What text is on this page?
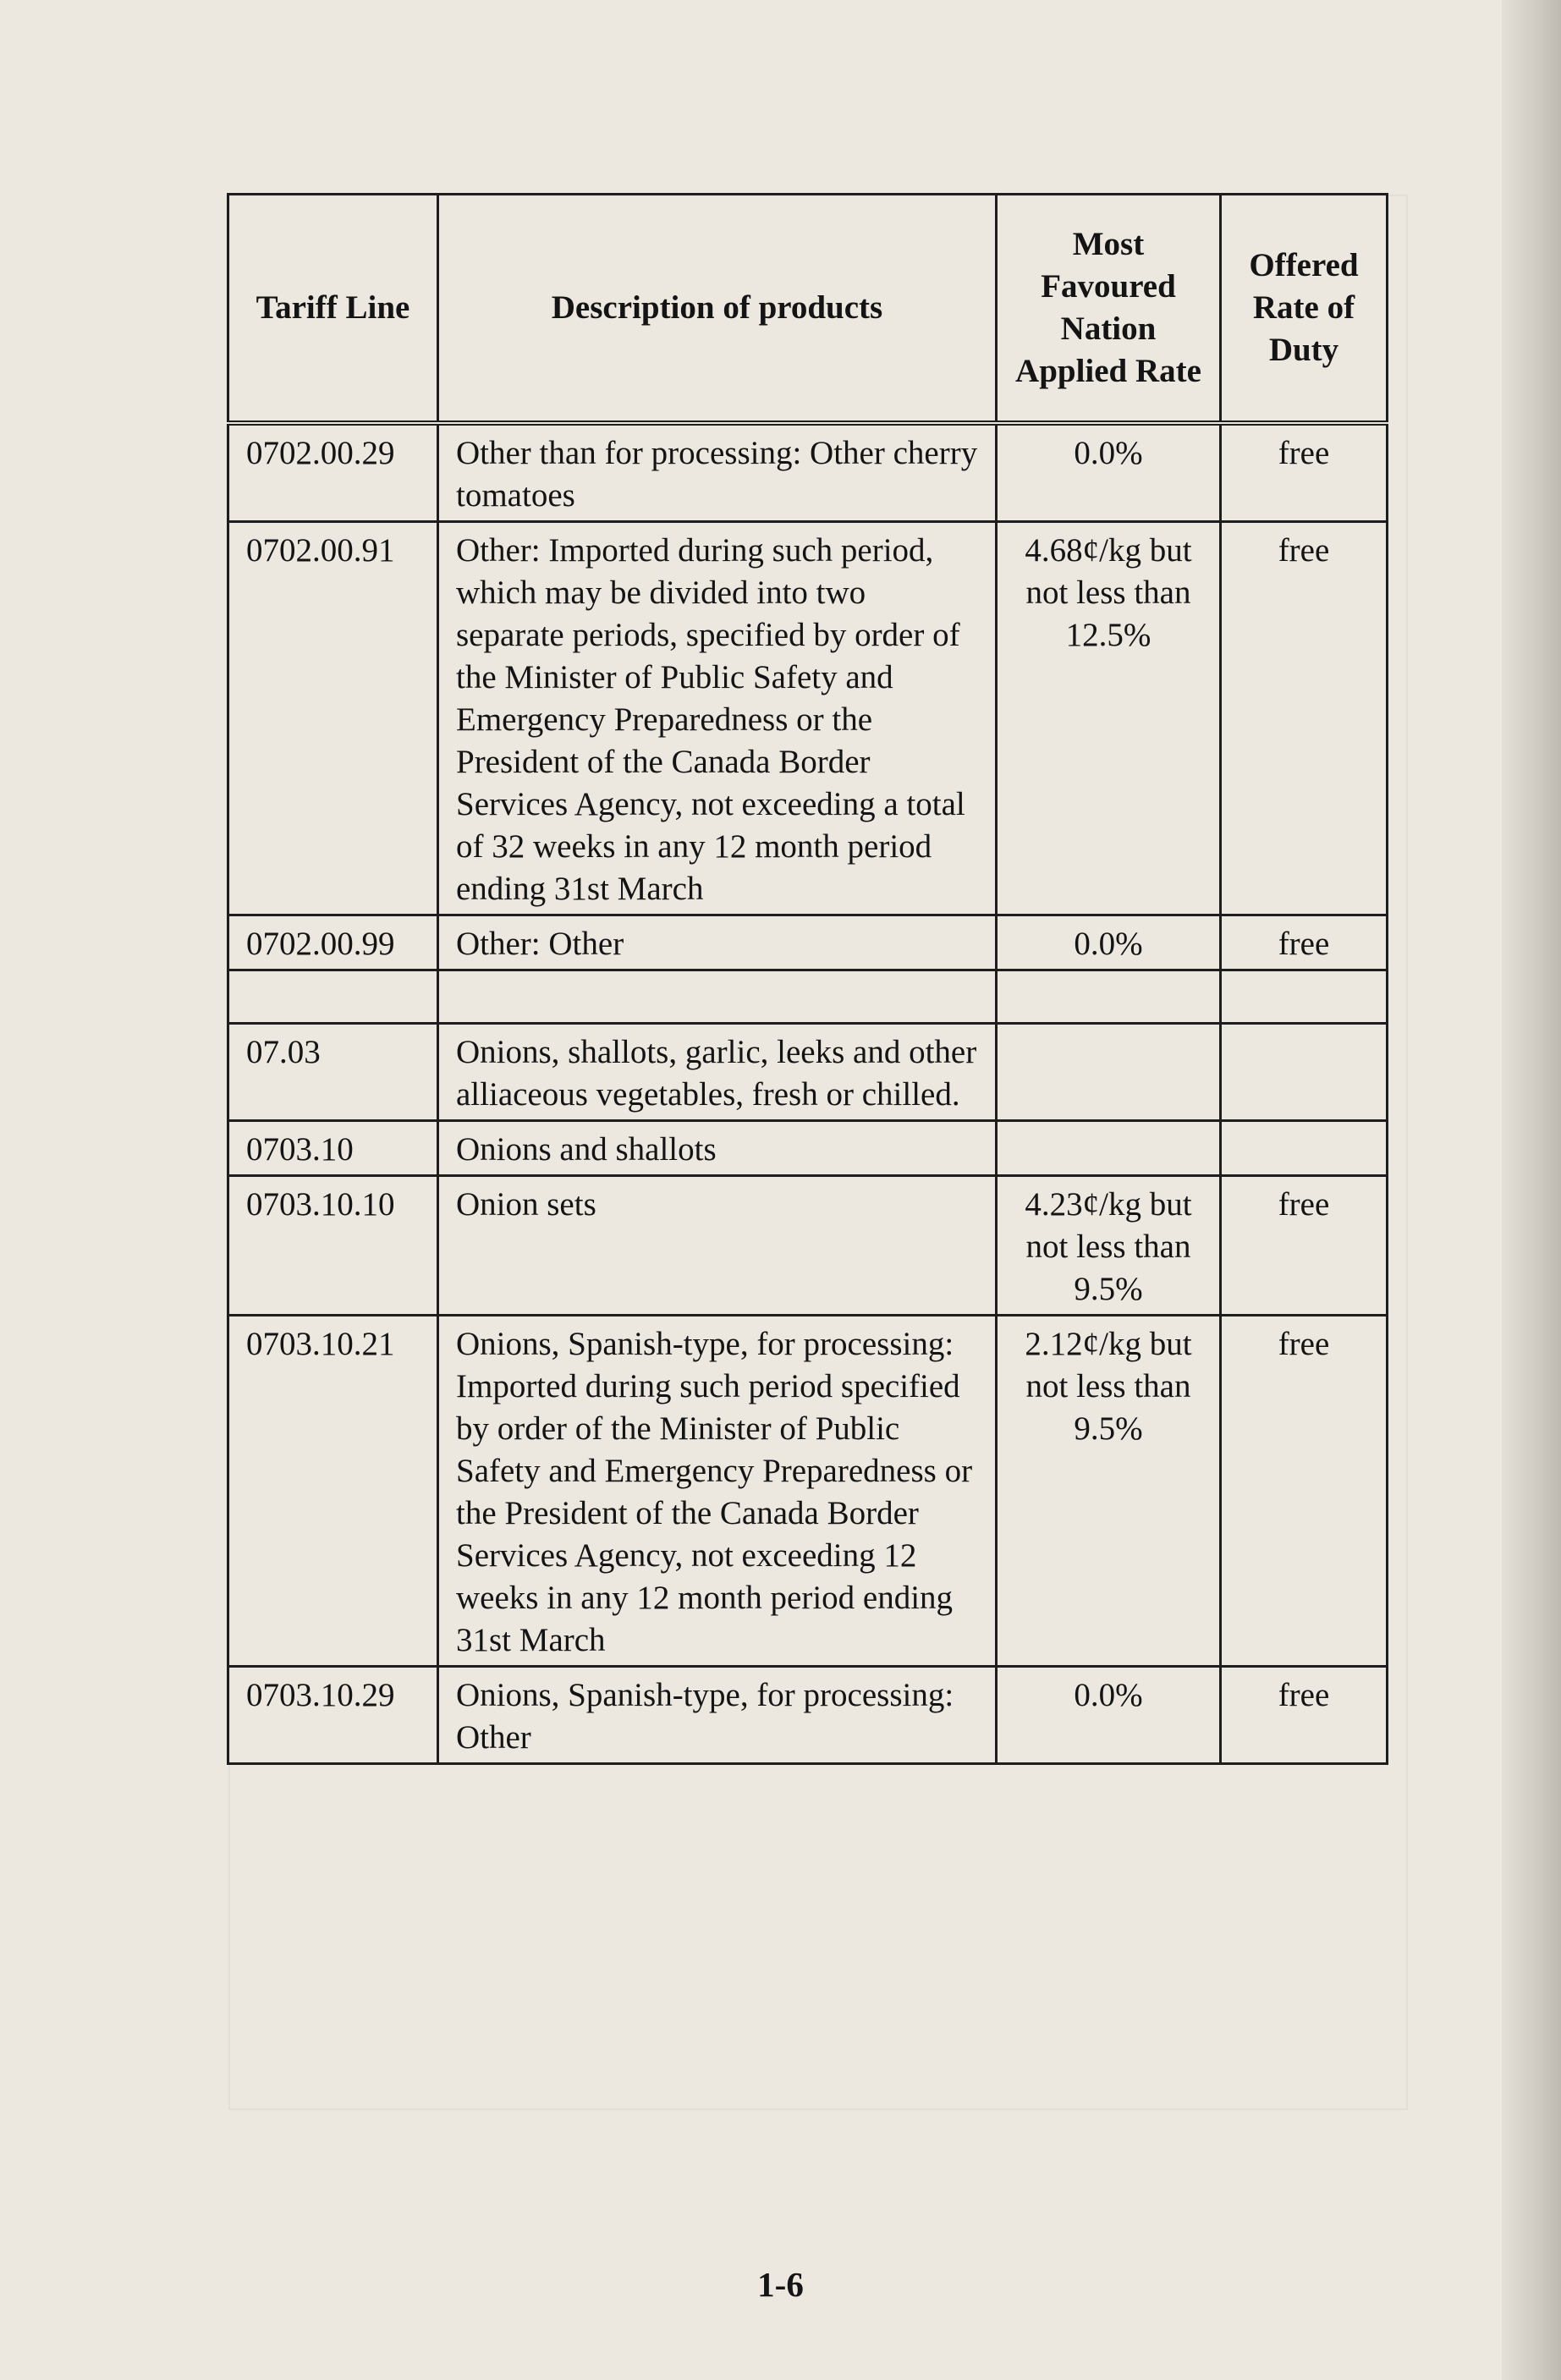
Tariff Line	Description of products	Most Favoured Nation Applied Rate	Offered Rate of Duty
0702.00.29	Other than for processing: Other cherry tomatoes	0.0%	free
0702.00.91	Other: Imported during such period, which may be divided into two separate periods, specified by order of the Minister of Public Safety and Emergency Preparedness or the President of the Canada Border Services Agency, not exceeding a total of 32 weeks in any 12 month period ending 31st March	4.68¢/kg but not less than 12.5%	free
0702.00.99	Other: Other	0.0%	free

07.03	Onions, shallots, garlic, leeks and other alliaceous vegetables, fresh or chilled.		
0703.10	Onions and shallots		
0703.10.10	Onion sets	4.23¢/kg but not less than 9.5%	free
0703.10.21	Onions, Spanish-type, for processing: Imported during such period specified by order of the Minister of Public Safety and Emergency Preparedness or the President of the Canada Border Services Agency, not exceeding 12 weeks in any 12 month period ending 31st March	2.12¢/kg but not less than 9.5%	free
0703.10.29	Onions, Spanish-type, for processing: Other	0.0%	free
1-6
